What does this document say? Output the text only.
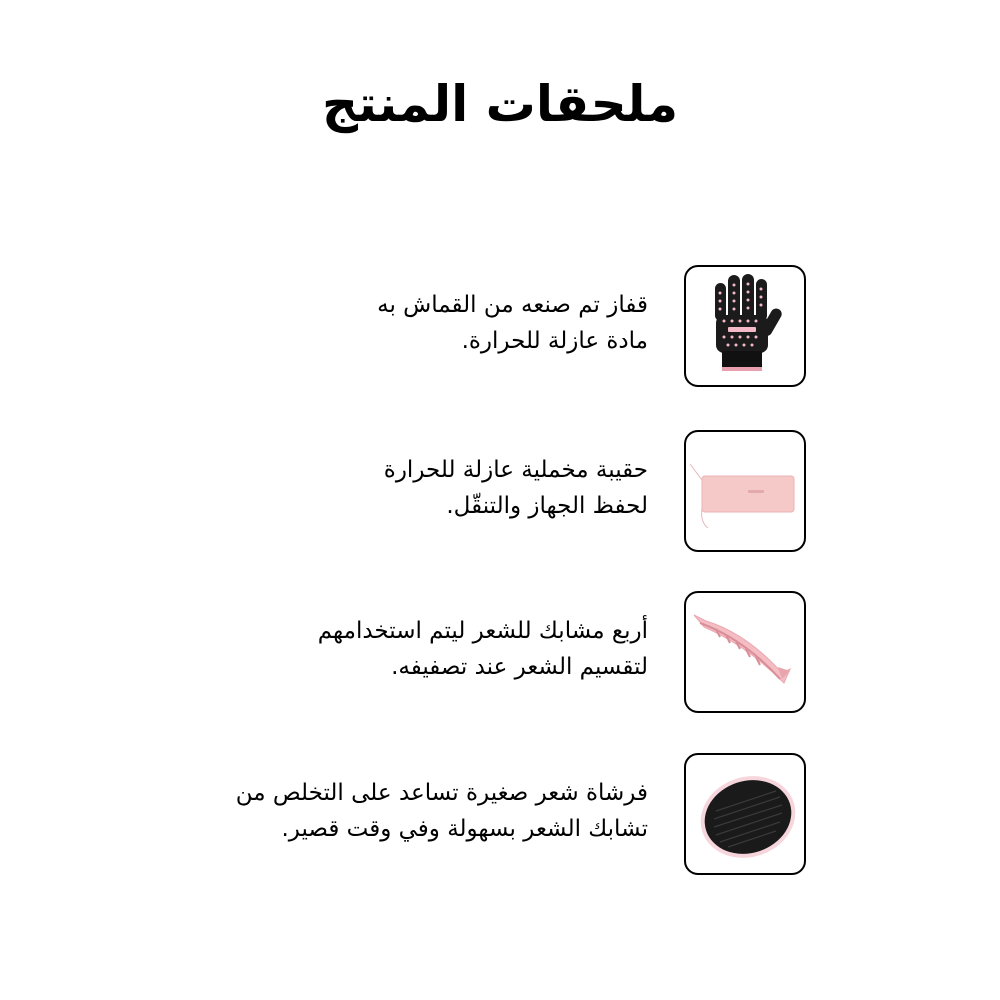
ملحقات المنتج

قفاز تم صنعه من القماش به
مادة عازلة للحرارة.

حقيبة مخملية عازلة للحرارة
لحفظ الجهاز والتنقّل.

أربع مشابك للشعر ليتم استخدامهم
لتقسيم الشعر عند تصفيفه.

فرشاة شعر صغيرة تساعد على التخلص من
تشابك الشعر بسهولة وفي وقت قصير.
